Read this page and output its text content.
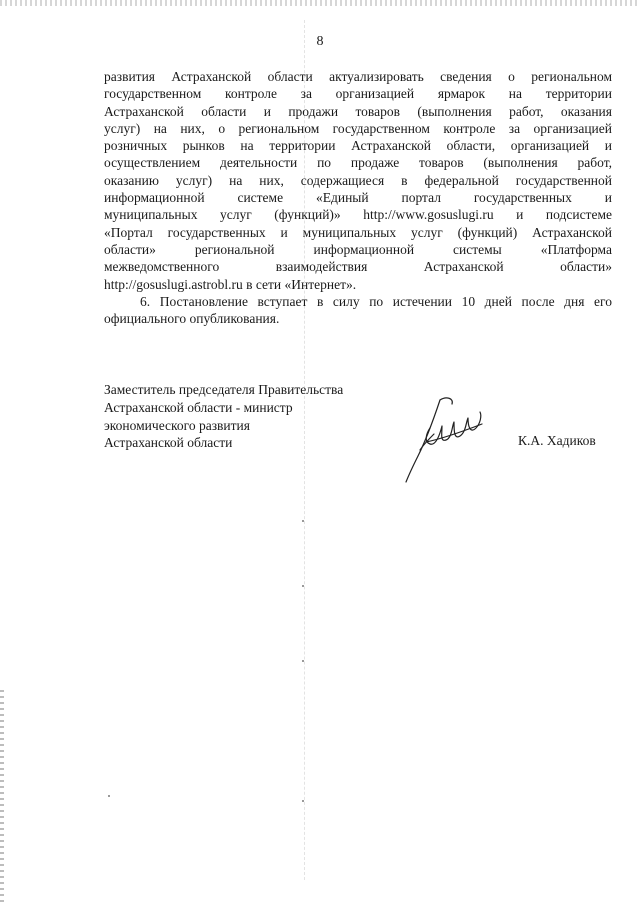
8

развития Астраханской области актуализировать сведения о региональном
государственном контроле за организацией ярмарок на территории
Астраханской области и продажи товаров (выполнения работ, оказания
услуг) на них, о региональном государственном контроле за организацией
розничных рынков на территории Астраханской области, организацией и
осуществлением деятельности по продаже товаров (выполнения работ,
оказанию услуг) на них, содержащиеся в федеральной государственной
информационной системе «Единый портал государственных и
муниципальных услуг (функций)» http://www.gosuslugi.ru и подсистеме
«Портал государственных и муниципальных услуг (функций) Астраханской
области» региональной информационной системы «Платформа
межведомственного взаимодействия Астраханской области»
http://gosuslugi.astrobl.ru в сети «Интернет».

6. Постановление вступает в силу по истечении 10 дней после дня его
официального опубликования.

Заместитель председателя Правительства
Астраханской области - министр
экономического развития
Астраханской области	К.А. Хадиков
